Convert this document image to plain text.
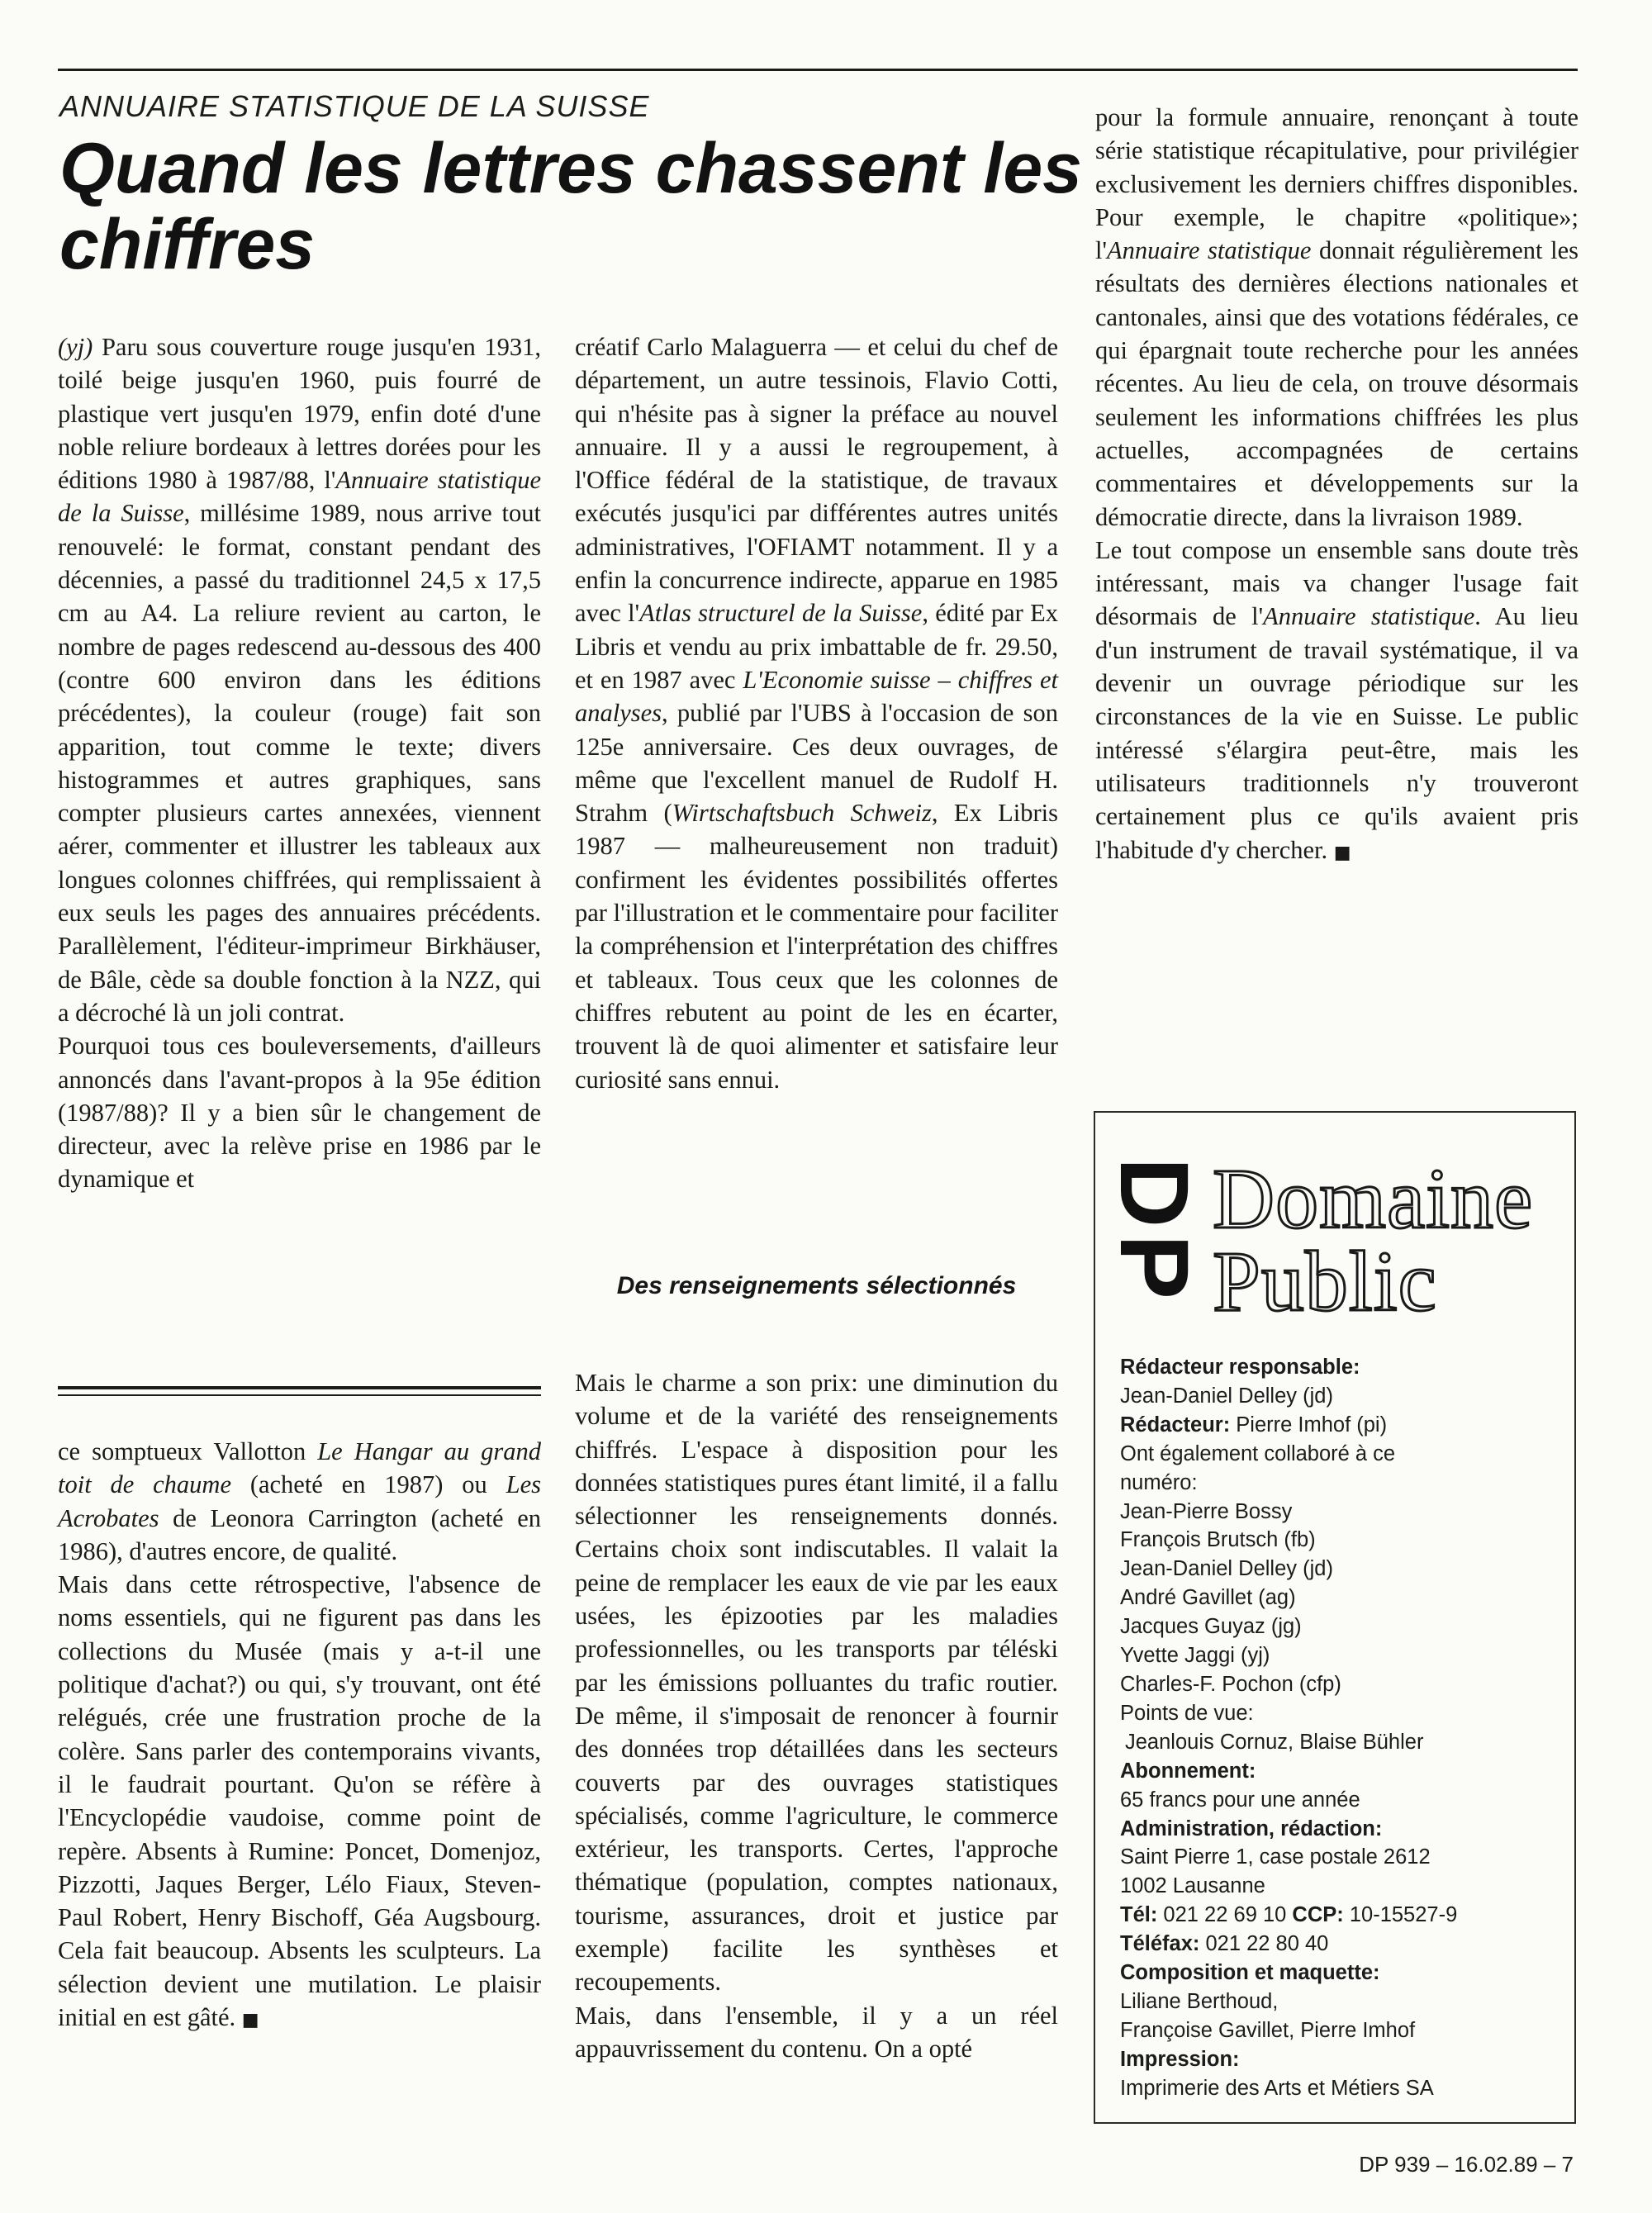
ANNUAIRE STATISTIQUE DE LA SUISSE
Quand les lettres chassent les chiffres

(yj) Paru sous couverture rouge jusqu'en 1931, toilé beige jusqu'en 1960, puis fourré de plastique vert jusqu'en 1979, enfin doté d'une noble reliure bordeaux à lettres dorées pour les éditions 1980 à 1987/88, l'Annuaire statistique de la Suisse, millésime 1989, nous arrive tout renouvelé: le format, constant pendant des décennies, a passé du traditionnel 24,5 x 17,5 cm au A4. La reliure revient au carton, le nombre de pages redescend au-dessous des 400 (contre 600 environ dans les éditions précédentes), la couleur (rouge) fait son apparition, tout comme le texte; divers histogrammes et autres graphiques, sans compter plusieurs cartes annexées, viennent aérer, commenter et illustrer les tableaux aux longues colonnes chiffrées, qui remplissaient à eux seuls les pages des annuaires précédents. Parallèlement, l'éditeur-imprimeur Birkhäuser, de Bâle, cède sa double fonction à la NZZ, qui a décroché là un joli contrat.

Pourquoi tous ces bouleversements, d'ailleurs annoncés dans l'avant-propos à la 95e édition (1987/88)? Il y a bien sûr le changement de directeur, avec la relève prise en 1986 par le dynamique et

créatif Carlo Malaguerra — et celui du chef de département, un autre tessinois, Flavio Cotti, qui n'hésite pas à signer la préface au nouvel annuaire. Il y a aussi le regroupement, à l'Office fédéral de la statistique, de travaux exécutés jusqu'ici par différentes autres unités administratives, l'OFIAMT notamment. Il y a enfin la concurrence indirecte, apparue en 1985 avec l'Atlas structurel de la Suisse, édité par Ex Libris et vendu au prix imbattable de fr. 29.50, et en 1987 avec L'Economie suisse – chiffres et analyses, publié par l'UBS à l'occasion de son 125e anniversaire. Ces deux ouvrages, de même que l'excellent manuel de Rudolf H. Strahm (Wirtschaftsbuch Schweiz, Ex Libris 1987 — malheureusement non traduit) confirment les évidentes possibilités offertes par l'illustration et le commentaire pour faciliter la compréhension et l'interprétation des chiffres et tableaux. Tous ceux que les colonnes de chiffres rebutent au point de les en écarter, trouvent là de quoi alimenter et satisfaire leur curiosité sans ennui.

Des renseignements sélectionnés

Mais le charme a son prix: une diminution du volume et de la variété des renseignements chiffrés. L'espace à disposition pour les données statistiques pures étant limité, il a fallu sélectionner les renseignements donnés. Certains choix sont indiscutables. Il valait la peine de remplacer les eaux de vie par les eaux usées, les épizooties par les maladies professionnelles, ou les transports par téléski par les émissions polluantes du trafic routier. De même, il s'imposait de renoncer à fournir des données trop détaillées dans les secteurs couverts par des ouvrages statistiques spécialisés, comme l'agriculture, le commerce extérieur, les transports. Certes, l'approche thématique (population, comptes nationaux, tourisme, assurances, droit et justice par exemple) facilite les synthèses et recoupements.

Mais, dans l'ensemble, il y a un réel appauvrissement du contenu. On a opté

pour la formule annuaire, renonçant à toute série statistique récapitulative, pour privilégier exclusivement les derniers chiffres disponibles. Pour exemple, le chapitre «politique»; l'Annuaire statistique donnait régulièrement les résultats des dernières élections nationales et cantonales, ainsi que des votations fédérales, ce qui épargnait toute recherche pour les années récentes. Au lieu de cela, on trouve désormais seulement les informations chiffrées les plus actuelles, accompagnées de certains commentaires et développements sur la démocratie directe, dans la livraison 1989.

Le tout compose un ensemble sans doute très intéressant, mais va changer l'usage fait désormais de l'Annuaire statistique. Au lieu d'un instrument de travail systématique, il va devenir un ouvrage périodique sur les circonstances de la vie en Suisse. Le public intéressé s'élargira peut-être, mais les utilisateurs traditionnels n'y trouveront certainement plus ce qu'ils avaient pris l'habitude d'y chercher. ■

ce somptueux Vallotton Le Hangar au grand toit de chaume (acheté en 1987) ou Les Acrobates de Leonora Carrington (acheté en 1986), d'autres encore, de qualité.

Mais dans cette rétrospective, l'absence de noms essentiels, qui ne figurent pas dans les collections du Musée (mais y a-t-il une politique d'achat?) ou qui, s'y trouvant, ont été relégués, crée une frustration proche de la colère. Sans parler des contemporains vivants, il le faudrait pourtant. Qu'on se réfère à l'Encyclopédie vaudoise, comme point de repère. Absents à Rumine: Poncet, Domenjoz, Pizzotti, Jaques Berger, Lélo Fiaux, Steven-Paul Robert, Henry Bischoff, Géa Augsbourg. Cela fait beaucoup. Absents les sculpteurs. La sélection devient une mutilation. Le plaisir initial en est gâté. ■

DP Domaine
Public
Rédacteur responsable:
Jean-Daniel Delley (jd)
Rédacteur: Pierre Imhof (pi)
Ont également collaboré à ce
numéro:
Jean-Pierre Bossy
François Brutsch (fb)
Jean-Daniel Delley (jd)
André Gavillet (ag)
Jacques Guyaz (jg)
Yvette Jaggi (yj)
Charles-F. Pochon (cfp)
Points de vue:
Jeanlouis Cornuz, Blaise Bühler
Abonnement:
65 francs pour une année
Administration, rédaction:
Saint Pierre 1, case postale 2612
1002 Lausanne
Tél: 021 22 69 10 CCP: 10-15527-9
Téléfax: 021 22 80 40
Composition et maquette:
Liliane Berthoud,
Françoise Gavillet, Pierre Imhof
Impression:
Imprimerie des Arts et Métiers SA
DP 939 – 16.02.89 – 7
